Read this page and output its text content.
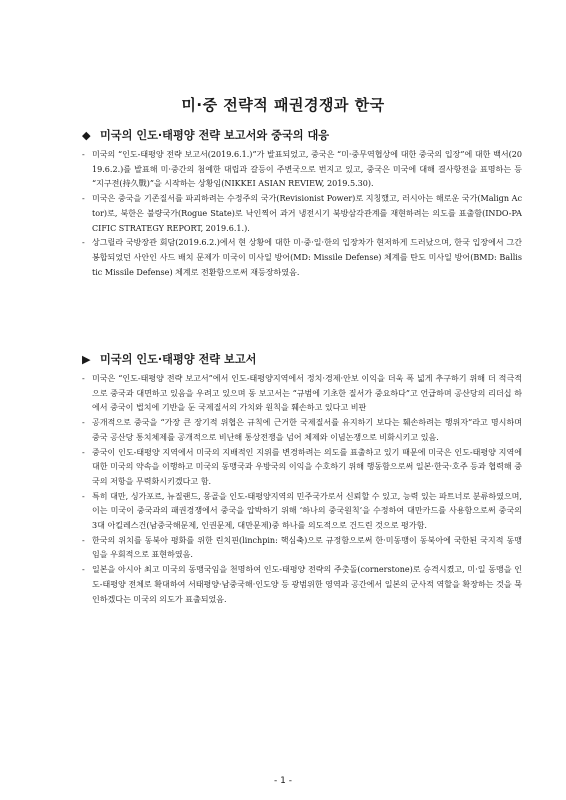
미·중 전략적 패권경쟁과 한국
◆ 미국의 인도·태평양 전략 보고서와 중국의 대응
- 미국의 “인도-태평양 전략 보고서(2019.6.1.)”가 발표되었고, 중국은 “미·중무역협상에 대한 중국의 입장”에 대한 백서(2019.6.2.)를 발표해 미·중간의 첨예한 대립과 갈등이 주변국으로 번지고 있고, 중국은 미국에 대해 결사항전을 표명하는 등 “지구전(持久戰)”을 시작하는 상황임(NIKKEI ASIAN REVIEW, 2019.5.30).
- 미국은 중국을 기존질서를 파괴하려는 수정주의 국가(Revisionist Power)로 지칭했고, 러시아는 해로운 국가(Malign Actor)로, 북한은 불량국가(Rogue State)로 낙인찍어 과거 냉전시기 북방삼각관계를 재현하려는 의도를 표출함(INDO-PACIFIC STRATEGY REPORT, 2019.6.1.).
- 상그릴라 국방장관 회담(2019.6.2.)에서 현 상황에 대한 미·중·일·한의 입장차가 현저하게 드러났으며, 한국 입장에서 그간 봉합되었던 사안인 사드 배치 문제가 미국이 미사일 방어(MD: Missile Defense) 체계를 탄도 미사일 방어(BMD: Ballistic Missile Defense) 체계로 전환함으로써 재등장하였음.
▶ 미국의 인도·태평양 전략 보고서
- 미국은 “인도-태평양 전략 보고서”에서 인도-태평양지역에서 정치·경제·안보 이익을 더욱 폭 넓게 추구하기 위해 더 적극적으로 중국과 대면하고 있음을 우려고 있으며 동 보고서는 “규범에 기초한 질서가 중요하다”고 언급하며 공산당의 리더십 하에서 중국이 법치에 기반을 둔 국제질서의 가치와 원칙을 훼손하고 있다고 비판
- 공개적으로 중국을 “가장 큰 장기적 위협은 규칙에 근거한 국제질서를 유지하기 보다는 훼손하려는 행위자”라고 명시하며 중국 공산당 통치체제를 공개적으로 비난해 통상전쟁을 넘어 체제와 이념논쟁으로 비화시키고 있음.
- 중국이 인도-태평양 지역에서 미국의 지배적인 지위를 변경하려는 의도를 표출하고 있기 때문에 미국은 인도-태평양 지역에 대한 미국의 약속을 이행하고 미국의 동맹국과 우방국의 이익을 수호하기 위해 행동함으로써 일본·한국·호주 등과 협력해 중국의 저항을 무력화시키겠다고 함.
- 특히 대만, 싱가포르, 뉴질랜드, 몽골을 인도-태평양지역의 민주국가로서 신뢰할 수 있고, 능력 있는 파트너로 분류하였으며, 이는 미국이 중국과의 패권경쟁에서 중국을 압박하기 위해 ‘하나의 중국원칙’을 수정하여 대만카드를 사용함으로써 중국의 3대 아킬레스건(남중국해문제, 인권문제, 대만문제)중 하나를 의도적으로 건드린 것으로 평가함.
- 한국의 위치를 동북아 평화를 위한 린치핀(linchpin: 핵심축)으로 규정함으로써 한·미동맹이 동북아에 국한된 국지적 동맹임을 우회적으로 표현하였음.
- 일본을 아시아 최고 미국의 동맹국임을 천명하여 인도-태평양 전략의 주춧돌(cornerstone)로 승격시켰고, 미·일 동맹을 인도-태평양 전체로 확대하여 서태평양·남중국해·인도양 등 광범위한 영역과 공간에서 일본의 군사적 역할을 확장하는 것을 묵인하겠다는 미국의 의도가 표출되었음.
- 1 -
